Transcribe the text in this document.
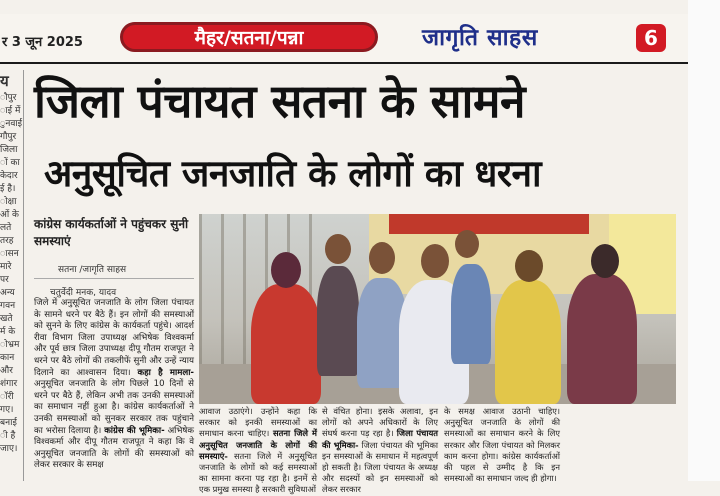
र 3 जून 2025	मैहर/सतना/पन्ना	जागृति साहस	6
य
ौपुर
ाई में
ुनवाई
गौपुर
जिला
ों का
केदार
ई है।
ोक्षा
ओं के
लते
तरह
ासन
मारे
पर
अन्य
गवन
खते
र्म के
ोभ्रम
कान
और
शंगार
ॉरी
गए।
बनाई
ी है
जाए।
जिला पंचायत सतना के सामने
अनुसूचित जनजाति के लोगों का धरना
कांग्रेस कार्यकर्ताओं ने पहुंचकर सुनी समस्याएं
सतना /जागृति साहस
चतुर्वेदी मनक, यादव
जिले में अनुसूचित जनजाति के लोग जिला पंचायत के सामने धरने पर बैठे हैं। इन लोगों की समस्याओं को सुनने के लिए कांग्रेस के कार्यकर्ता पहुंचे। आदर्श रीवा विभाग जिला उपाध्यक्ष अभिषेक विश्वकर्मा और पूर्व छात्र जिला उपाध्यक्ष दीपू गौतम राजपूत ने धरने पर बैठे लोगों की तकलीफें सुनी और उन्हें न्याय दिलाने का आश्वासन दिया। कहा है मामला- अनुसूचित जनजाति के लोग पिछले 10 दिनों से धरने पर बैठे हैं, लेकिन अभी तक उनकी समस्याओं का समाधान नहीं हुआ है। कांग्रेस कार्यकर्ताओं ने उनकी समस्याओं को सुनकर सरकार तक पहुंचाने का भरोसा दिलाया है। कांग्रेस की भूमिका- अभिषेक विश्वकर्मा और दीपू गौतम राजपूत ने कहा कि वे अनुसूचित जनजाति के लोगों की समस्याओं को लेकर सरकार के समक्ष
आवाज उठाएंगे। उन्होंने कहा कि सरकार को इनकी समस्याओं का समाधान करना चाहिए। सतना जिले में अनुसूचित जनजाति के लोगों की समस्याएं- सतना जिले में अनुसूचित जनजाति के लोगों को कई समस्याओं का सामना करना पड़ रहा है। इनमें से एक प्रमुख समस्या है सरकारी सुविधाओं
से वंचित होना। इसके अलावा, इन लोगों को अपने अधिकारों के लिए संघर्ष करना पड़ रहा है। जिला पंचायत की भूमिका- जिला पंचायत की भूमिका इन समस्याओं के समाधान में महत्वपूर्ण हो सकती है। जिला पंचायत के अध्यक्ष और सदस्यों को इन समस्याओं को लेकर सरकार
के समक्ष आवाज उठानी चाहिए। अनुसूचित जनजाति के लोगों की समस्याओं का समाधान करने के लिए सरकार और जिला पंचायत को मिलकर काम करना होगा। कांग्रेस कार्यकर्ताओं की पहल से उम्मीद है कि इन समस्याओं का समाधान जल्द ही होगा।
